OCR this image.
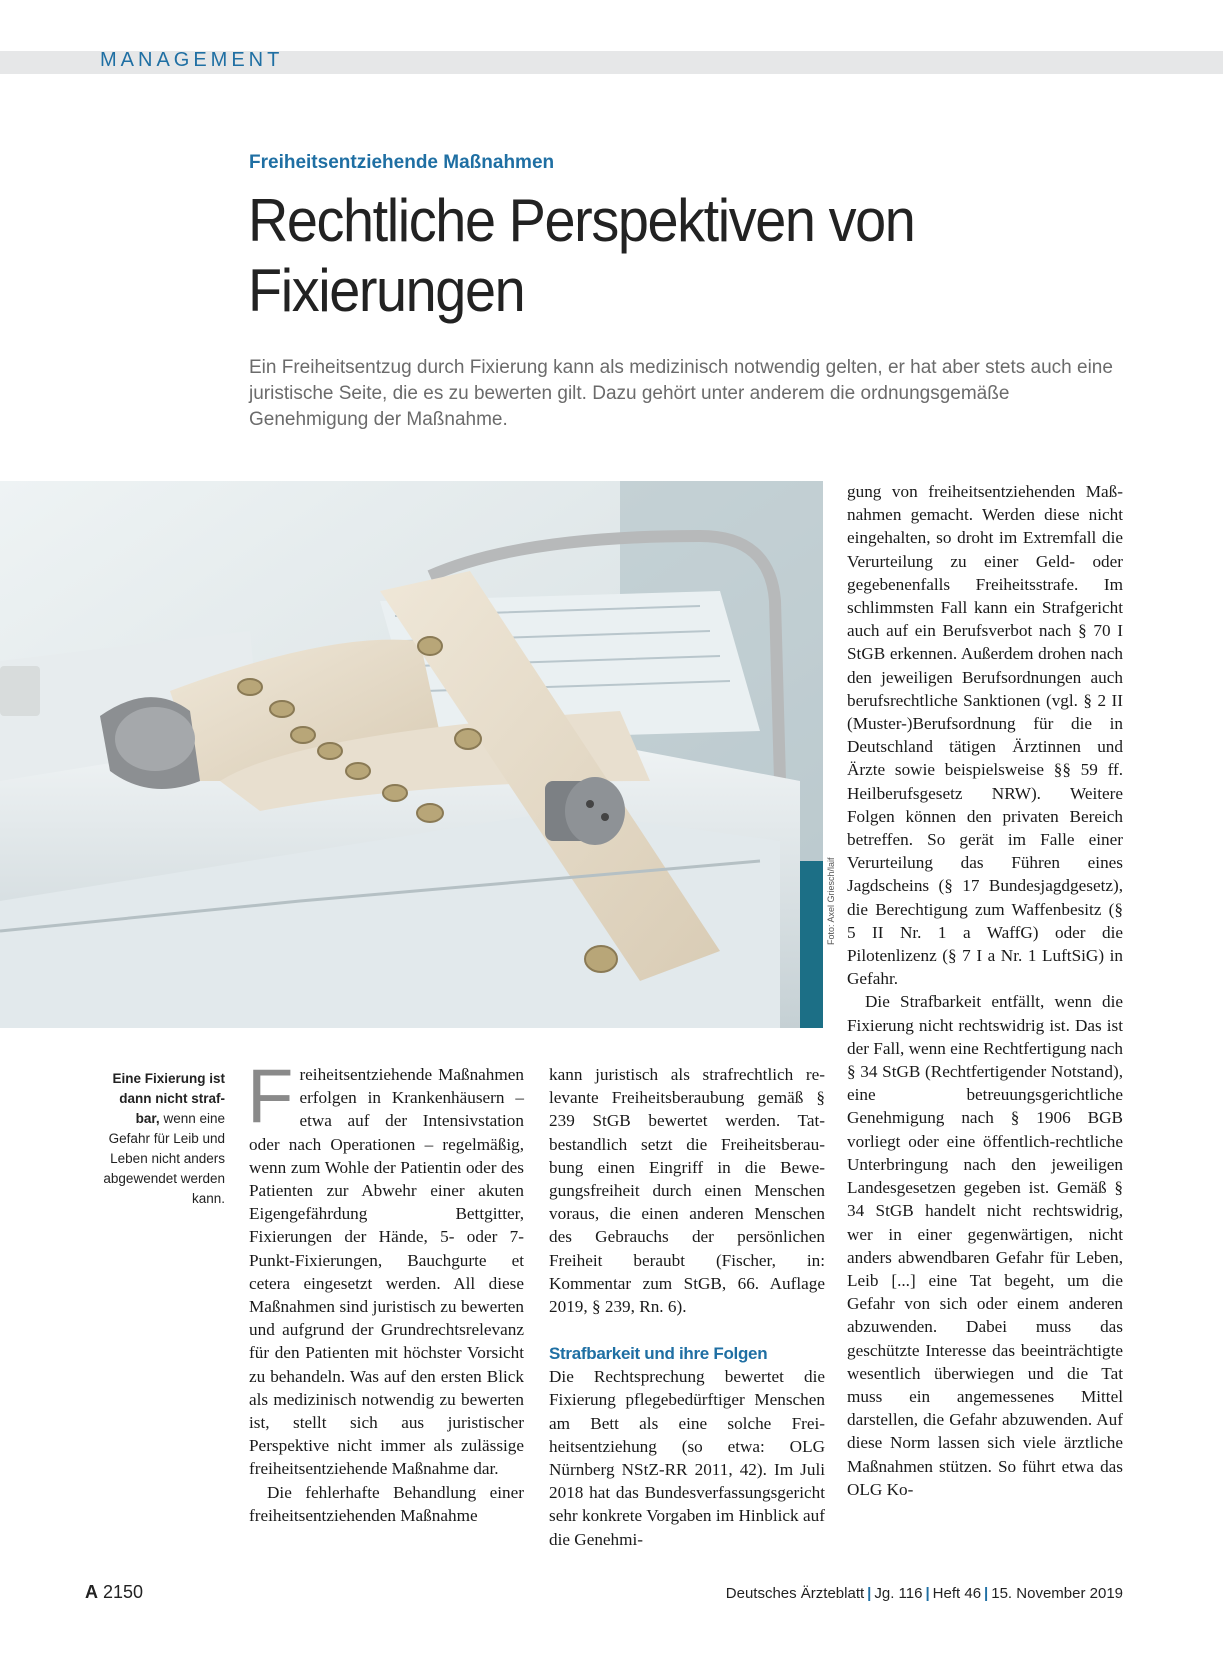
MANAGEMENT
Freiheitsentziehende Maßnahmen
Rechtliche Perspektiven von
Fixierungen
Ein Freiheitsentzug durch Fixierung kann als medizinisch notwendig gelten, er hat aber stets auch eine juristische Seite, die es zu bewerten gilt. Dazu gehört unter anderem die ordnungsgemäße Genehmigung der Maßnahme.
Foto: Axel Griesch/laif
Eine Fixierung ist dann nicht strafbar, wenn eine Gefahr für Leib und Leben nicht anders abgewendet werden kann.

Freiheitsentziehende Maßnahmen erfolgen in Krankenhäusern – etwa auf der Intensivstation oder nach Operationen – regelmäßig, wenn zum Wohle der Patientin oder des Patienten zur Abwehr einer akuten Eigengefährdung Bettgitter, Fixierungen der Hände, 5- oder 7-Punkt-Fixierungen, Bauchgurte et cetera eingesetzt werden. All diese Maßnahmen sind juristisch zu bewerten und aufgrund der Grundrechtsrelevanz für den Patienten mit höchster Vorsicht zu behandeln. Was auf den ersten Blick als medizinisch notwendig zu bewerten ist, stellt sich aus juristischer Perspektive nicht immer als zulässige freiheitsentziehende Maßnahme dar.

Die fehlerhafte Behandlung einer freiheitsentziehenden Maßnahme

kann juristisch als strafrechtlich relevante Freiheitsberaubung gemäß § 239 StGB bewertet werden. Tatbestandlich setzt die Freiheitsberaubung einen Eingriff in die Bewegungsfreiheit durch einen Menschen voraus, die einen anderen Menschen des Gebrauchs der persönlichen Freiheit beraubt (Fischer, in: Kommentar zum StGB, 66. Auflage 2019, § 239, Rn. 6).

Strafbarkeit und ihre Folgen

Die Rechtsprechung bewertet die Fixierung pflegebedürftiger Menschen am Bett als eine solche Freiheitsentziehung (so etwa: OLG Nürnberg NStZ-RR 2011, 42). Im Juli 2018 hat das Bundesverfassungsgericht sehr konkrete Vorgaben im Hinblick auf die Genehmi-

gung von freiheitsentziehenden Maßnahmen gemacht. Werden diese nicht eingehalten, so droht im Extremfall die Verurteilung zu einer Geld- oder gegebenenfalls Freiheitsstrafe. Im schlimmsten Fall kann ein Strafgericht auch auf ein Berufsverbot nach § 70 I StGB erkennen. Außerdem drohen nach den jeweiligen Berufsordnungen auch berufsrechtliche Sanktionen (vgl. § 2 II (Muster-)Berufsordnung für die in Deutschland tätigen Ärztinnen und Ärzte sowie beispielsweise §§ 59 ff. Heilberufsgesetz NRW). Weitere Folgen können den privaten Bereich betreffen. So gerät im Falle einer Verurteilung das Führen eines Jagdscheins (§ 17 Bundesjagdgesetz), die Berechtigung zum Waffenbesitz (§ 5 II Nr. 1 a WaffG) oder die Pilotenlizenz (§ 7 I a Nr. 1 LuftSiG) in Gefahr.

Die Strafbarkeit entfällt, wenn die Fixierung nicht rechtswidrig ist. Das ist der Fall, wenn eine Rechtfertigung nach § 34 StGB (Rechtfertigender Notstand), eine betreuungsgerichtliche Genehmigung nach § 1906 BGB vorliegt oder eine öffentlich-rechtliche Unterbringung nach den jeweiligen Landesgesetzen gegeben ist. Gemäß § 34 StGB handelt nicht rechtswidrig, wer in einer gegenwärtigen, nicht anders abwendbaren Gefahr für Leben, Leib [...] eine Tat begeht, um die Gefahr von sich oder einem anderen abzuwenden. Dabei muss das geschützte Interesse das beeinträchtigte wesentlich überwiegen und die Tat muss ein angemessenes Mittel darstellen, die Gefahr abzuwenden. Auf diese Norm lassen sich viele ärztliche Maßnahmen stützen. So führt etwa das OLG Ko-

A 2150	Deutsches Ärzteblatt | Jg. 116 | Heft 46 | 15. November 2019
